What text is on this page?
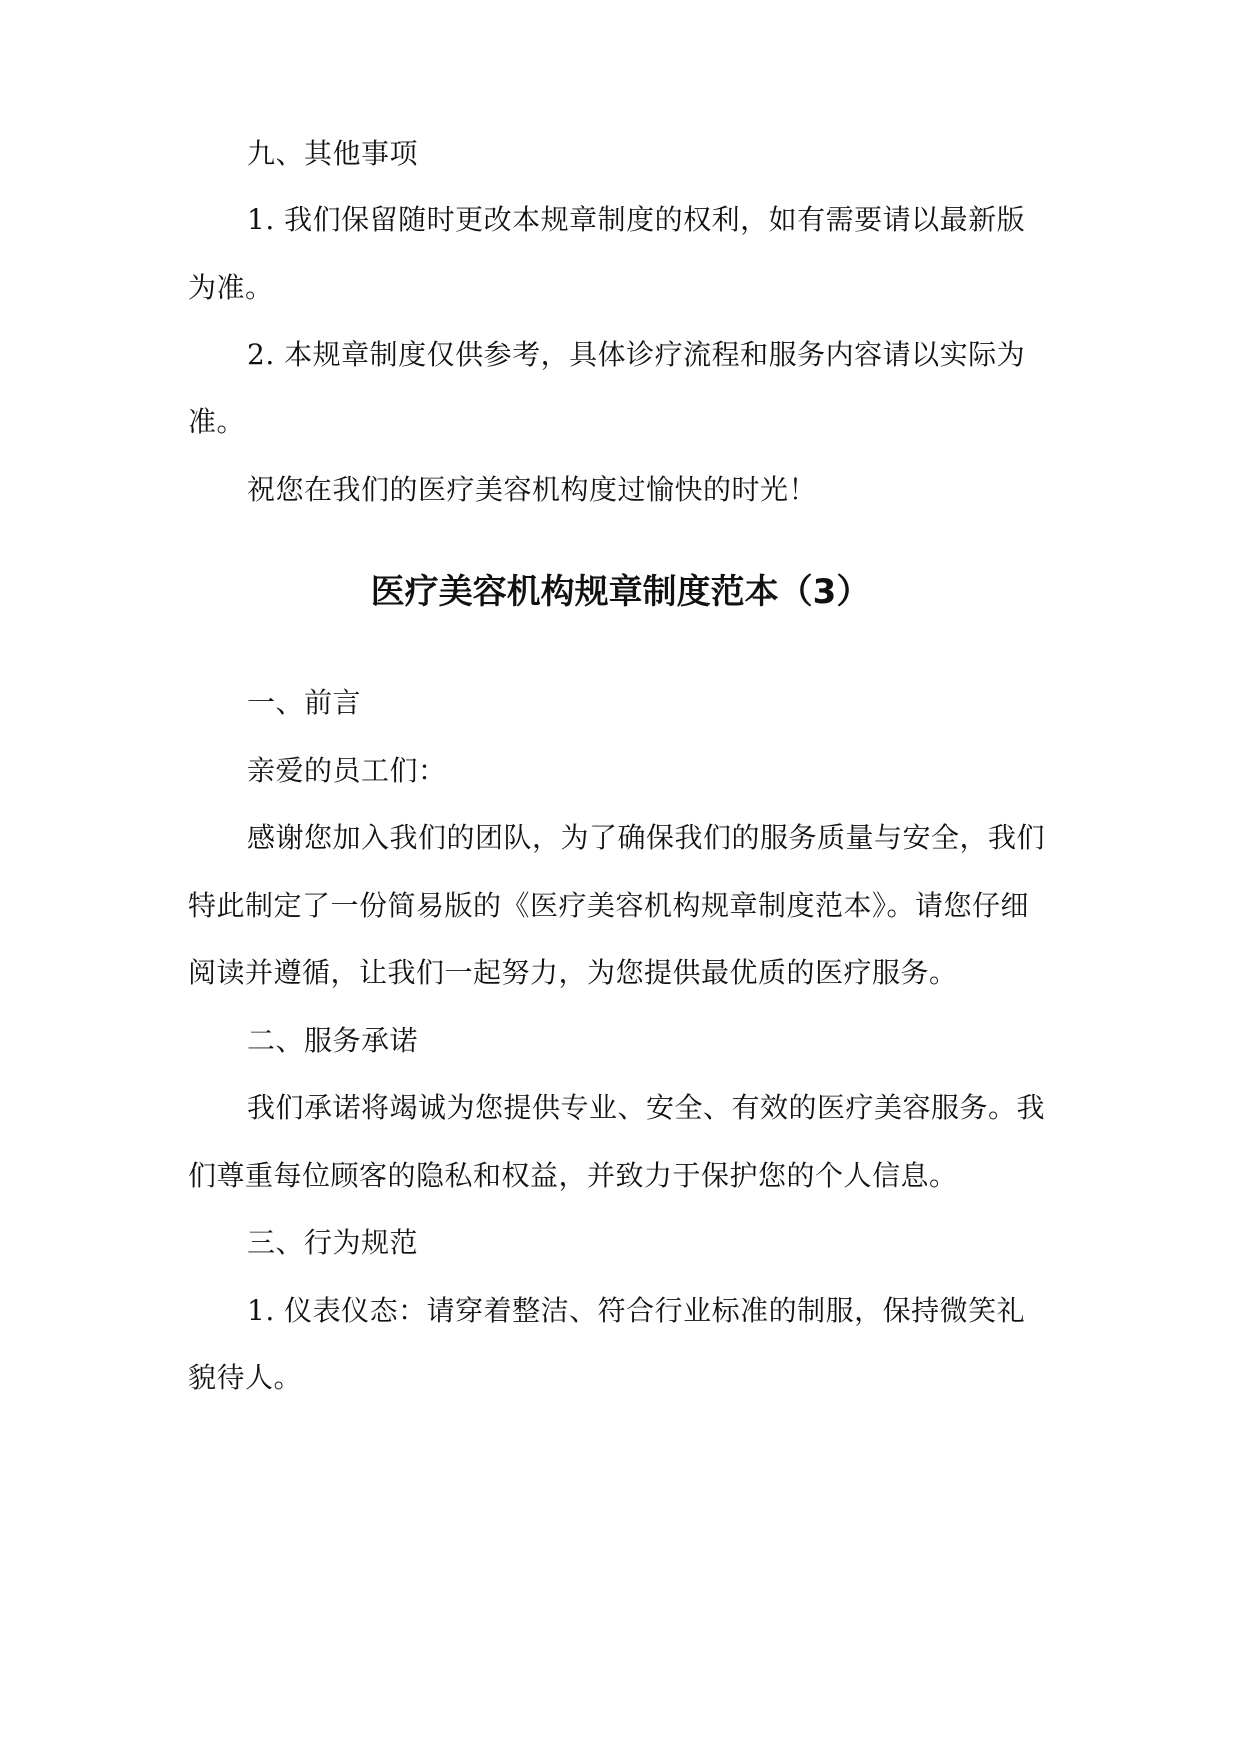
九、其他事项
1. 我们保留随时更改本规章制度的权利，如有需要请以最新版
为准。
2. 本规章制度仅供参考，具体诊疗流程和服务内容请以实际为
准。
祝您在我们的医疗美容机构度过愉快的时光！
医疗美容机构规章制度范本（3）
一、前言
亲爱的员工们：
感谢您加入我们的团队，为了确保我们的服务质量与安全，我们
特此制定了一份简易版的《医疗美容机构规章制度范本》。请您仔细
阅读并遵循，让我们一起努力，为您提供最优质的医疗服务。
二、服务承诺
我们承诺将竭诚为您提供专业、安全、有效的医疗美容服务。我
们尊重每位顾客的隐私和权益，并致力于保护您的个人信息。
三、行为规范
1. 仪表仪态：请穿着整洁、符合行业标准的制服，保持微笑礼
貌待人。
